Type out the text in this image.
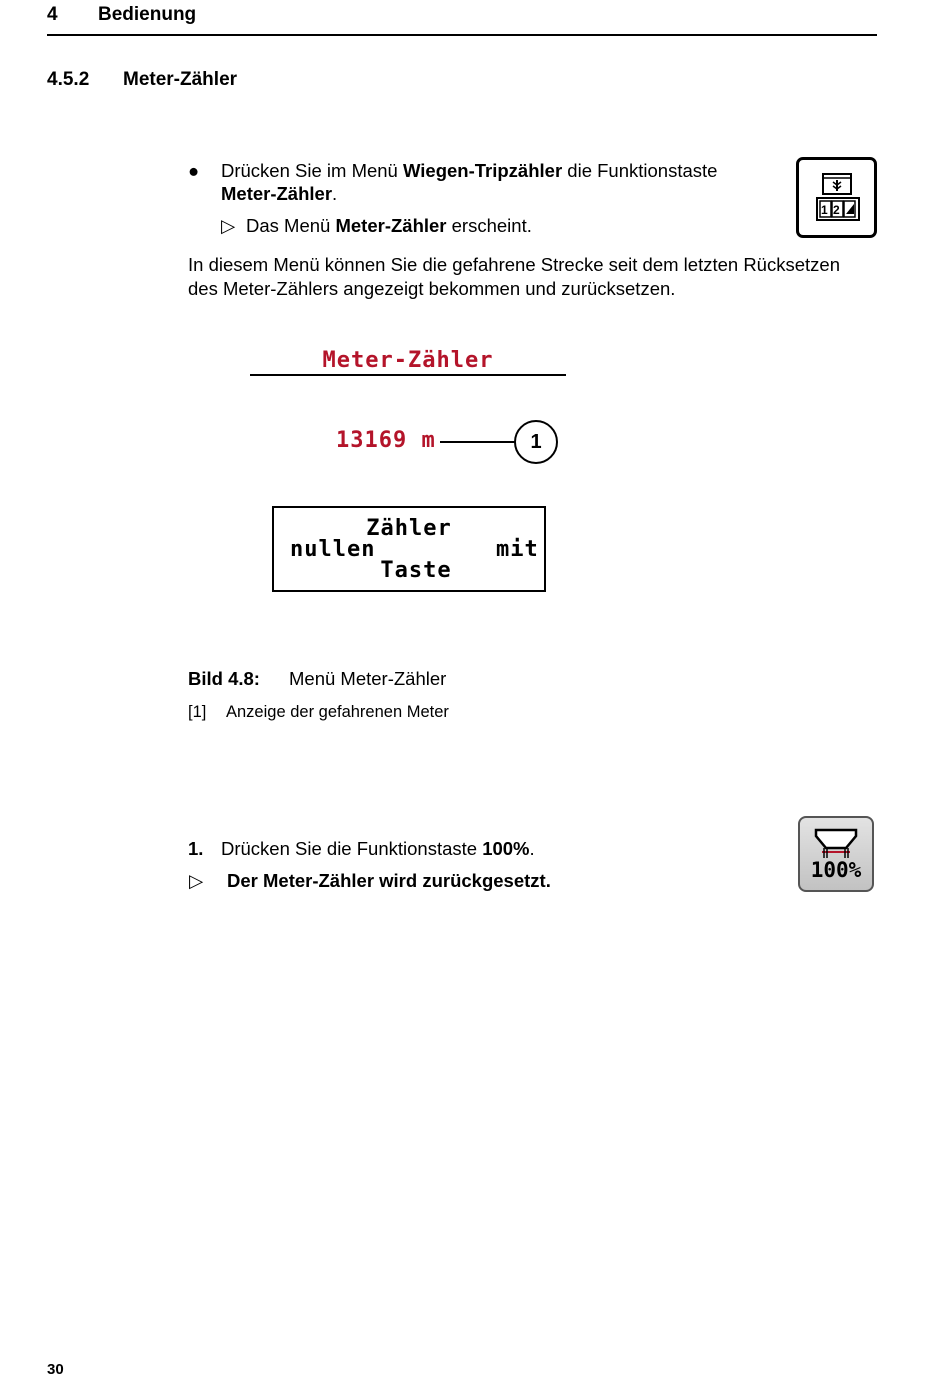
4 Bedienung
4.5.2 Meter-Zähler
● Drücken Sie im Menü Wiegen-Tripzähler die Funktionstaste
Meter-Zähler.
▷ Das Menü Meter-Zähler erscheint.
1 2
In diesem Menü können Sie die gefahrene Strecke seit dem letzten Rücksetzen
des Meter-Zählers angezeigt bekommen und zurücksetzen.
Meter-Zähler
13169 m	1
Zähler
nullen	mit
Taste
Bild 4.8: Menü Meter-Zähler
[1] Anzeige der gefahrenen Meter
1. Drücken Sie die Funktionstaste 100%.
▷ Der Meter-Zähler wird zurückgesetzt.	100%
30
